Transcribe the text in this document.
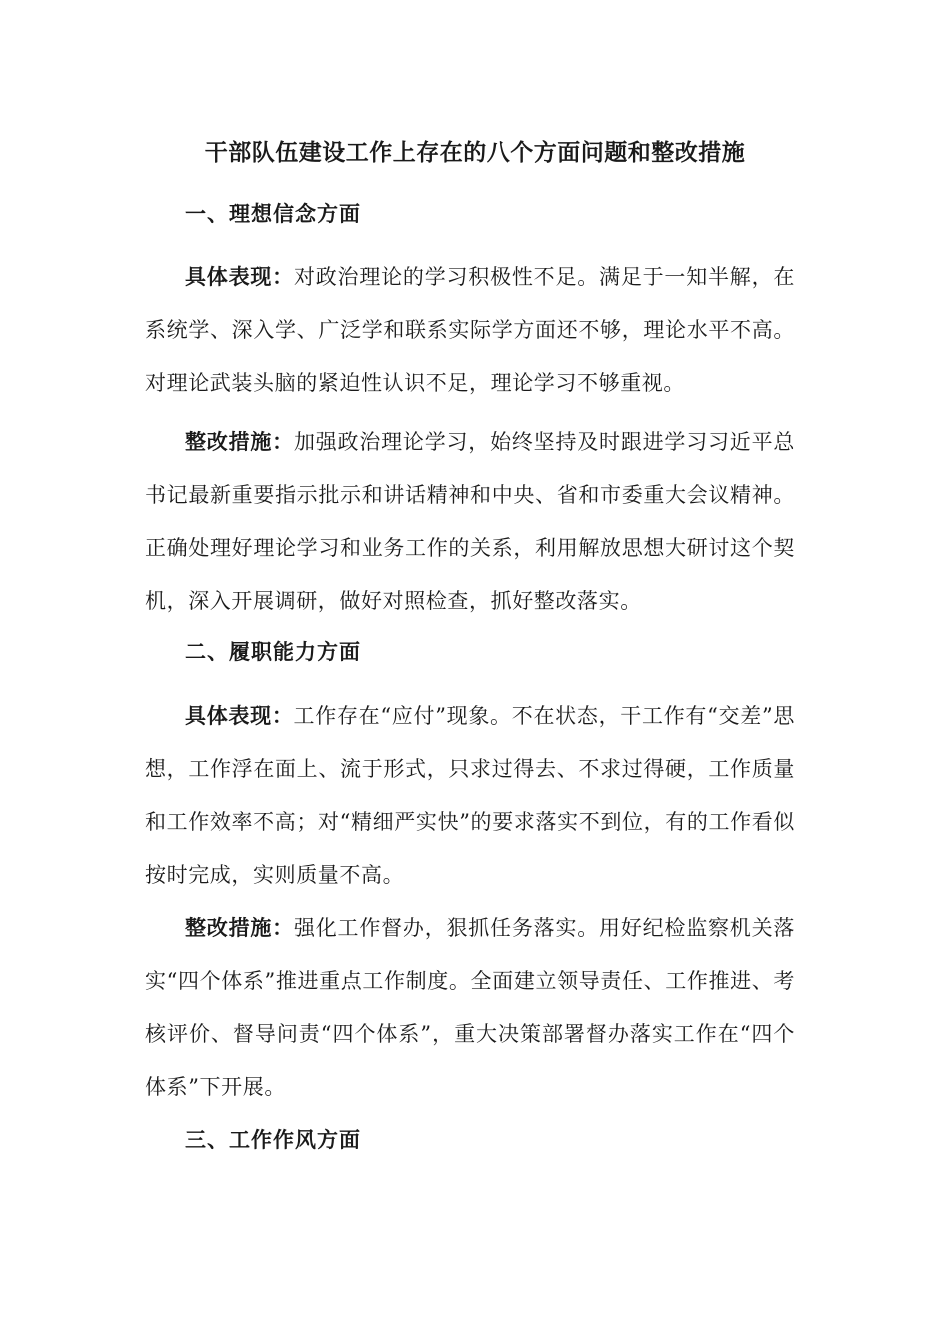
干部队伍建设工作上存在的八个方面问题和整改措施
一、理想信念方面
具体表现：对政治理论的学习积极性不足。满足于一知半解，在系统学、深入学、广泛学和联系实际学方面还不够，理论水平不高。对理论武装头脑的紧迫性认识不足，理论学习不够重视。
整改措施：加强政治理论学习，始终坚持及时跟进学习习近平总书记最新重要指示批示和讲话精神和中央、省和市委重大会议精神。正确处理好理论学习和业务工作的关系，利用解放思想大研讨这个契机，深入开展调研，做好对照检查，抓好整改落实。
二、履职能力方面
具体表现：工作存在“应付”现象。不在状态，干工作有“交差”思想，工作浮在面上、流于形式，只求过得去、不求过得硬，工作质量和工作效率不高；对“精细严实快”的要求落实不到位，有的工作看似按时完成，实则质量不高。
整改措施：强化工作督办，狠抓任务落实。用好纪检监察机关落实“四个体系”推进重点工作制度。全面建立领导责任、工作推进、考核评价、督导问责“四个体系”，重大决策部署督办落实工作在“四个体系”下开展。
三、工作作风方面
